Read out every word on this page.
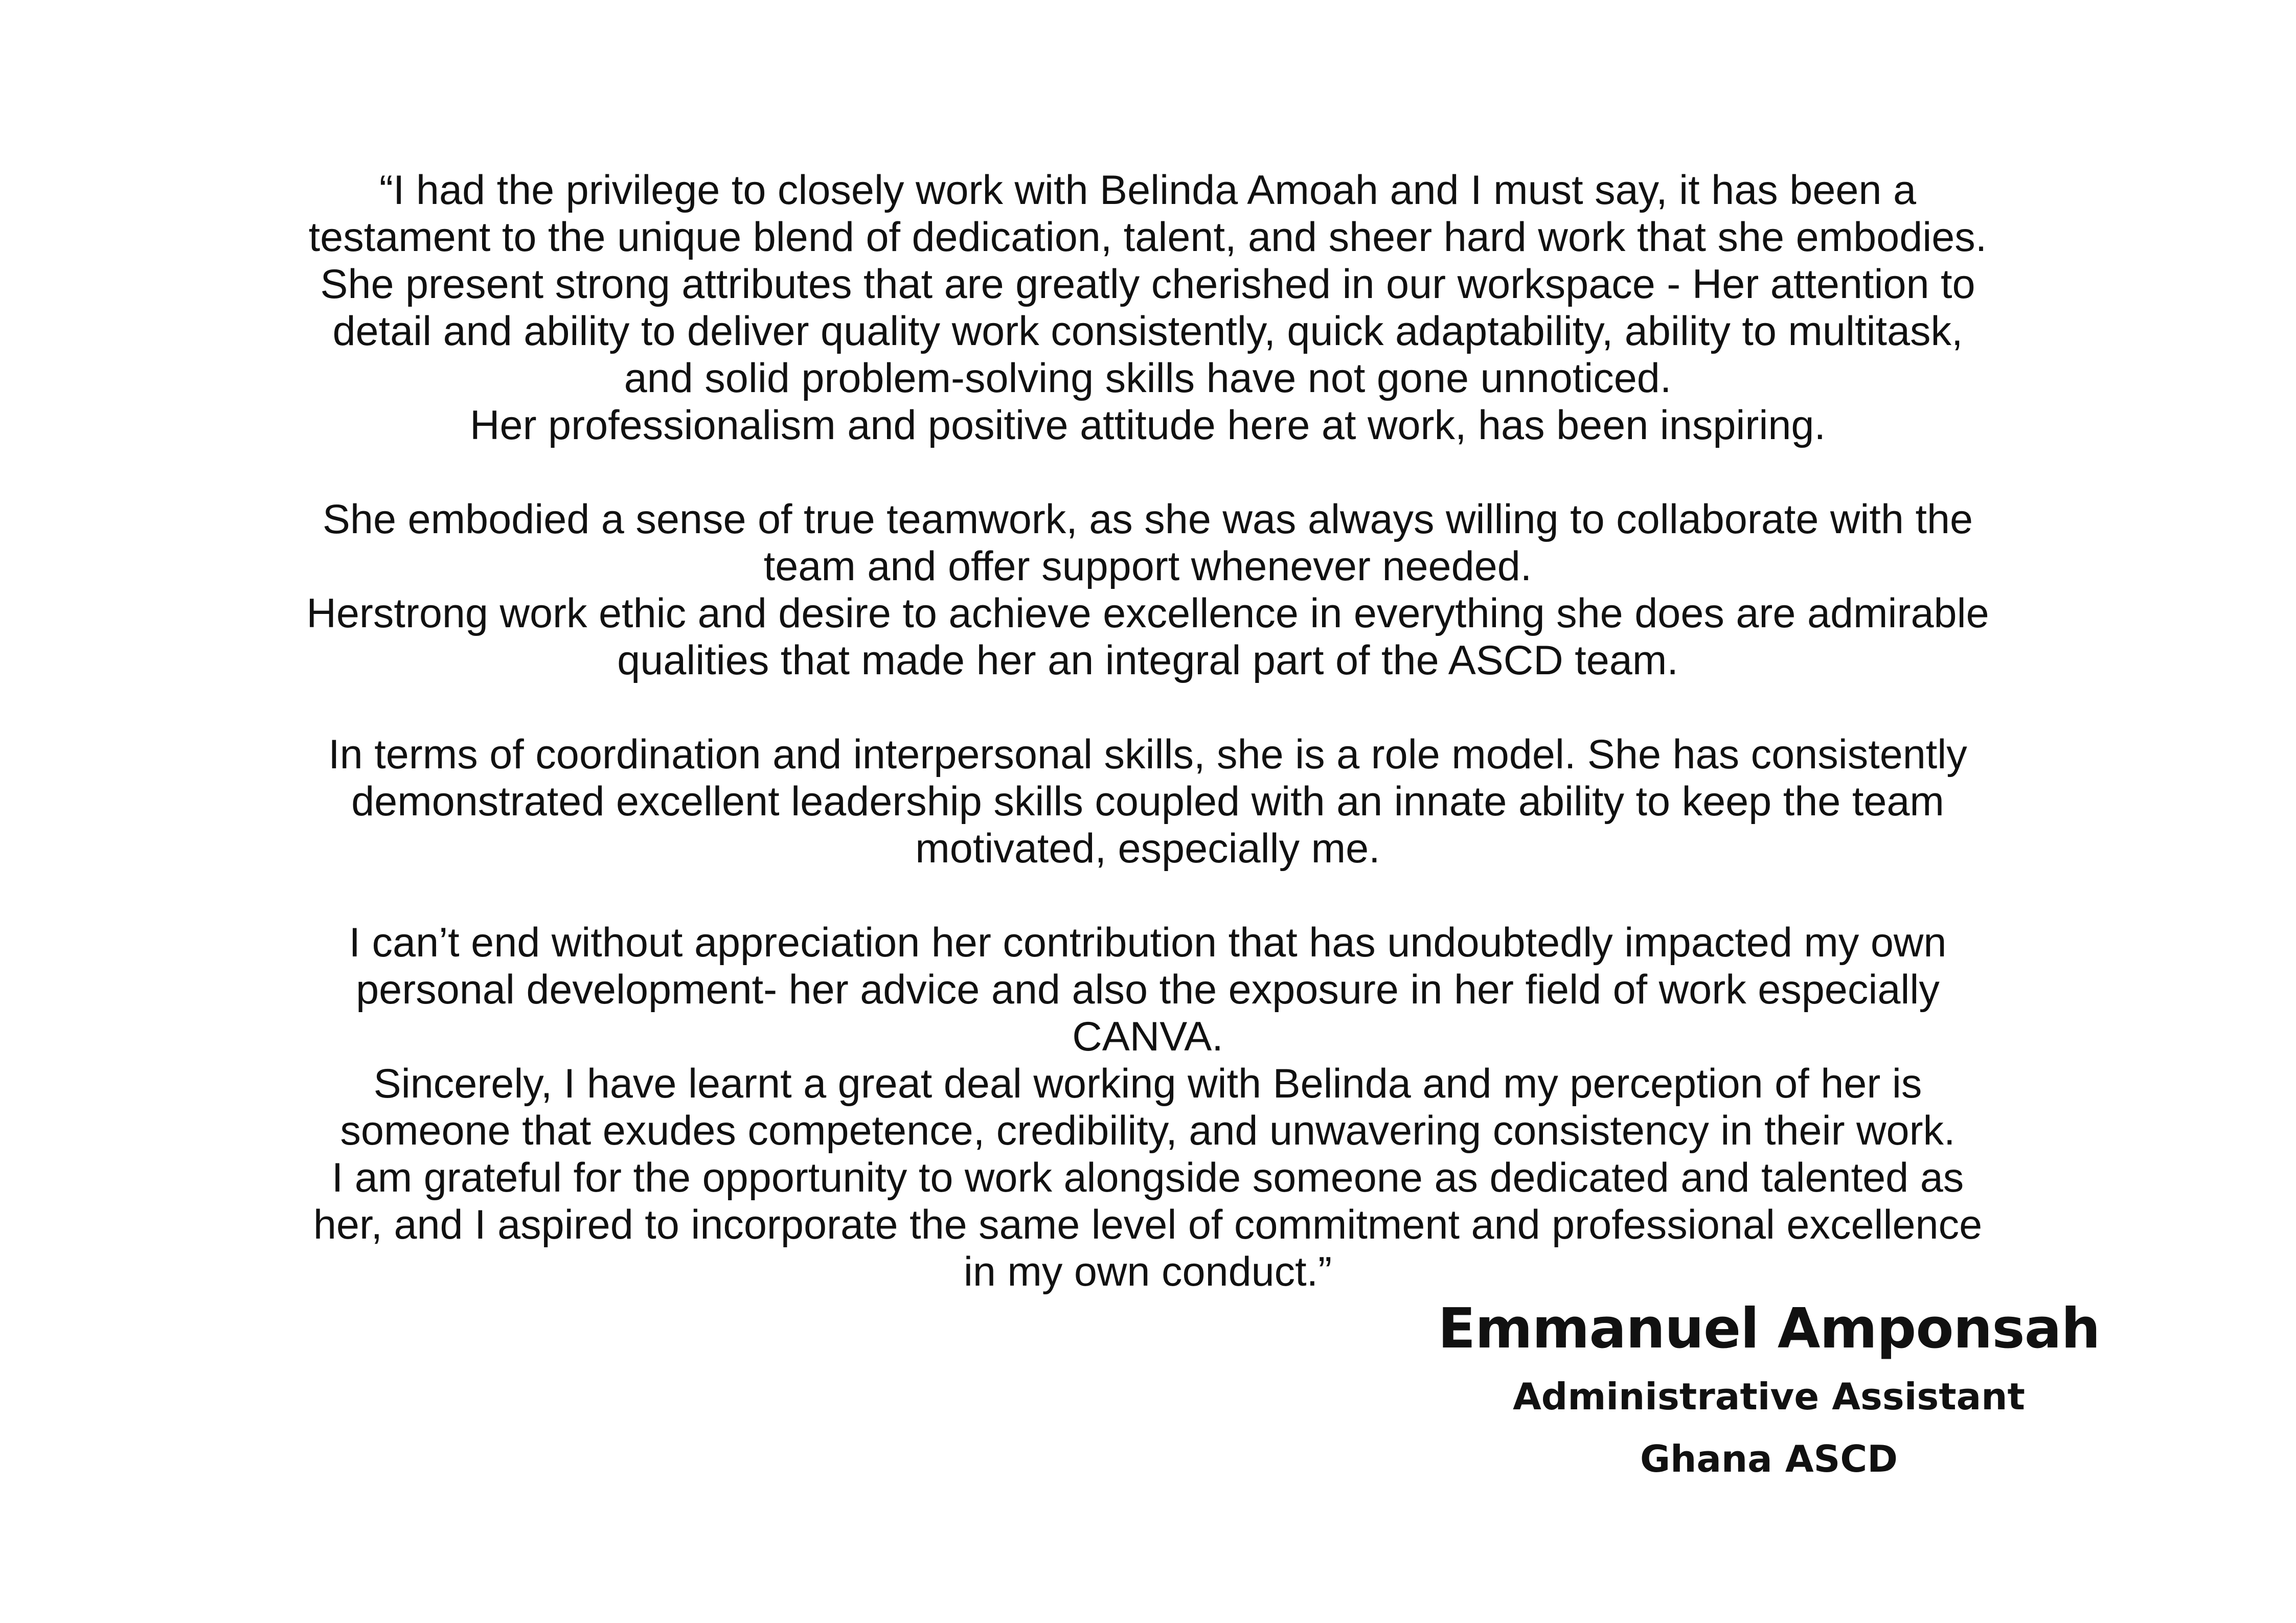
“I had the privilege to closely work with Belinda Amoah and I must say, it has been a
testament to the unique blend of dedication, talent, and sheer hard work that she embodies.
She present strong attributes that are greatly cherished in our workspace - Her attention to
detail and ability to deliver quality work consistently, quick adaptability, ability to multitask,
and solid problem-solving skills have not gone unnoticed.
Her professionalism and positive attitude here at work, has been inspiring.
She embodied a sense of true teamwork, as she was always willing to collaborate with the
team and offer support whenever needed.
Herstrong work ethic and desire to achieve excellence in everything she does are admirable
qualities that made her an integral part of the ASCD team.
In terms of coordination and interpersonal skills, she is a role model. She has consistently
demonstrated excellent leadership skills coupled with an innate ability to keep the team
motivated, especially me.
I can’t end without appreciation her contribution that has undoubtedly impacted my own
personal development- her advice and also the exposure in her field of work especially
CANVA.
Sincerely, I have learnt a great deal working with Belinda and my perception of her is
someone that exudes competence, credibility, and unwavering consistency in their work.
I am grateful for the opportunity to work alongside someone as dedicated and talented as
her, and I aspired to incorporate the same level of commitment and professional excellence
in my own conduct.”
Emmanuel Amponsah
Administrative Assistant
Ghana ASCD
